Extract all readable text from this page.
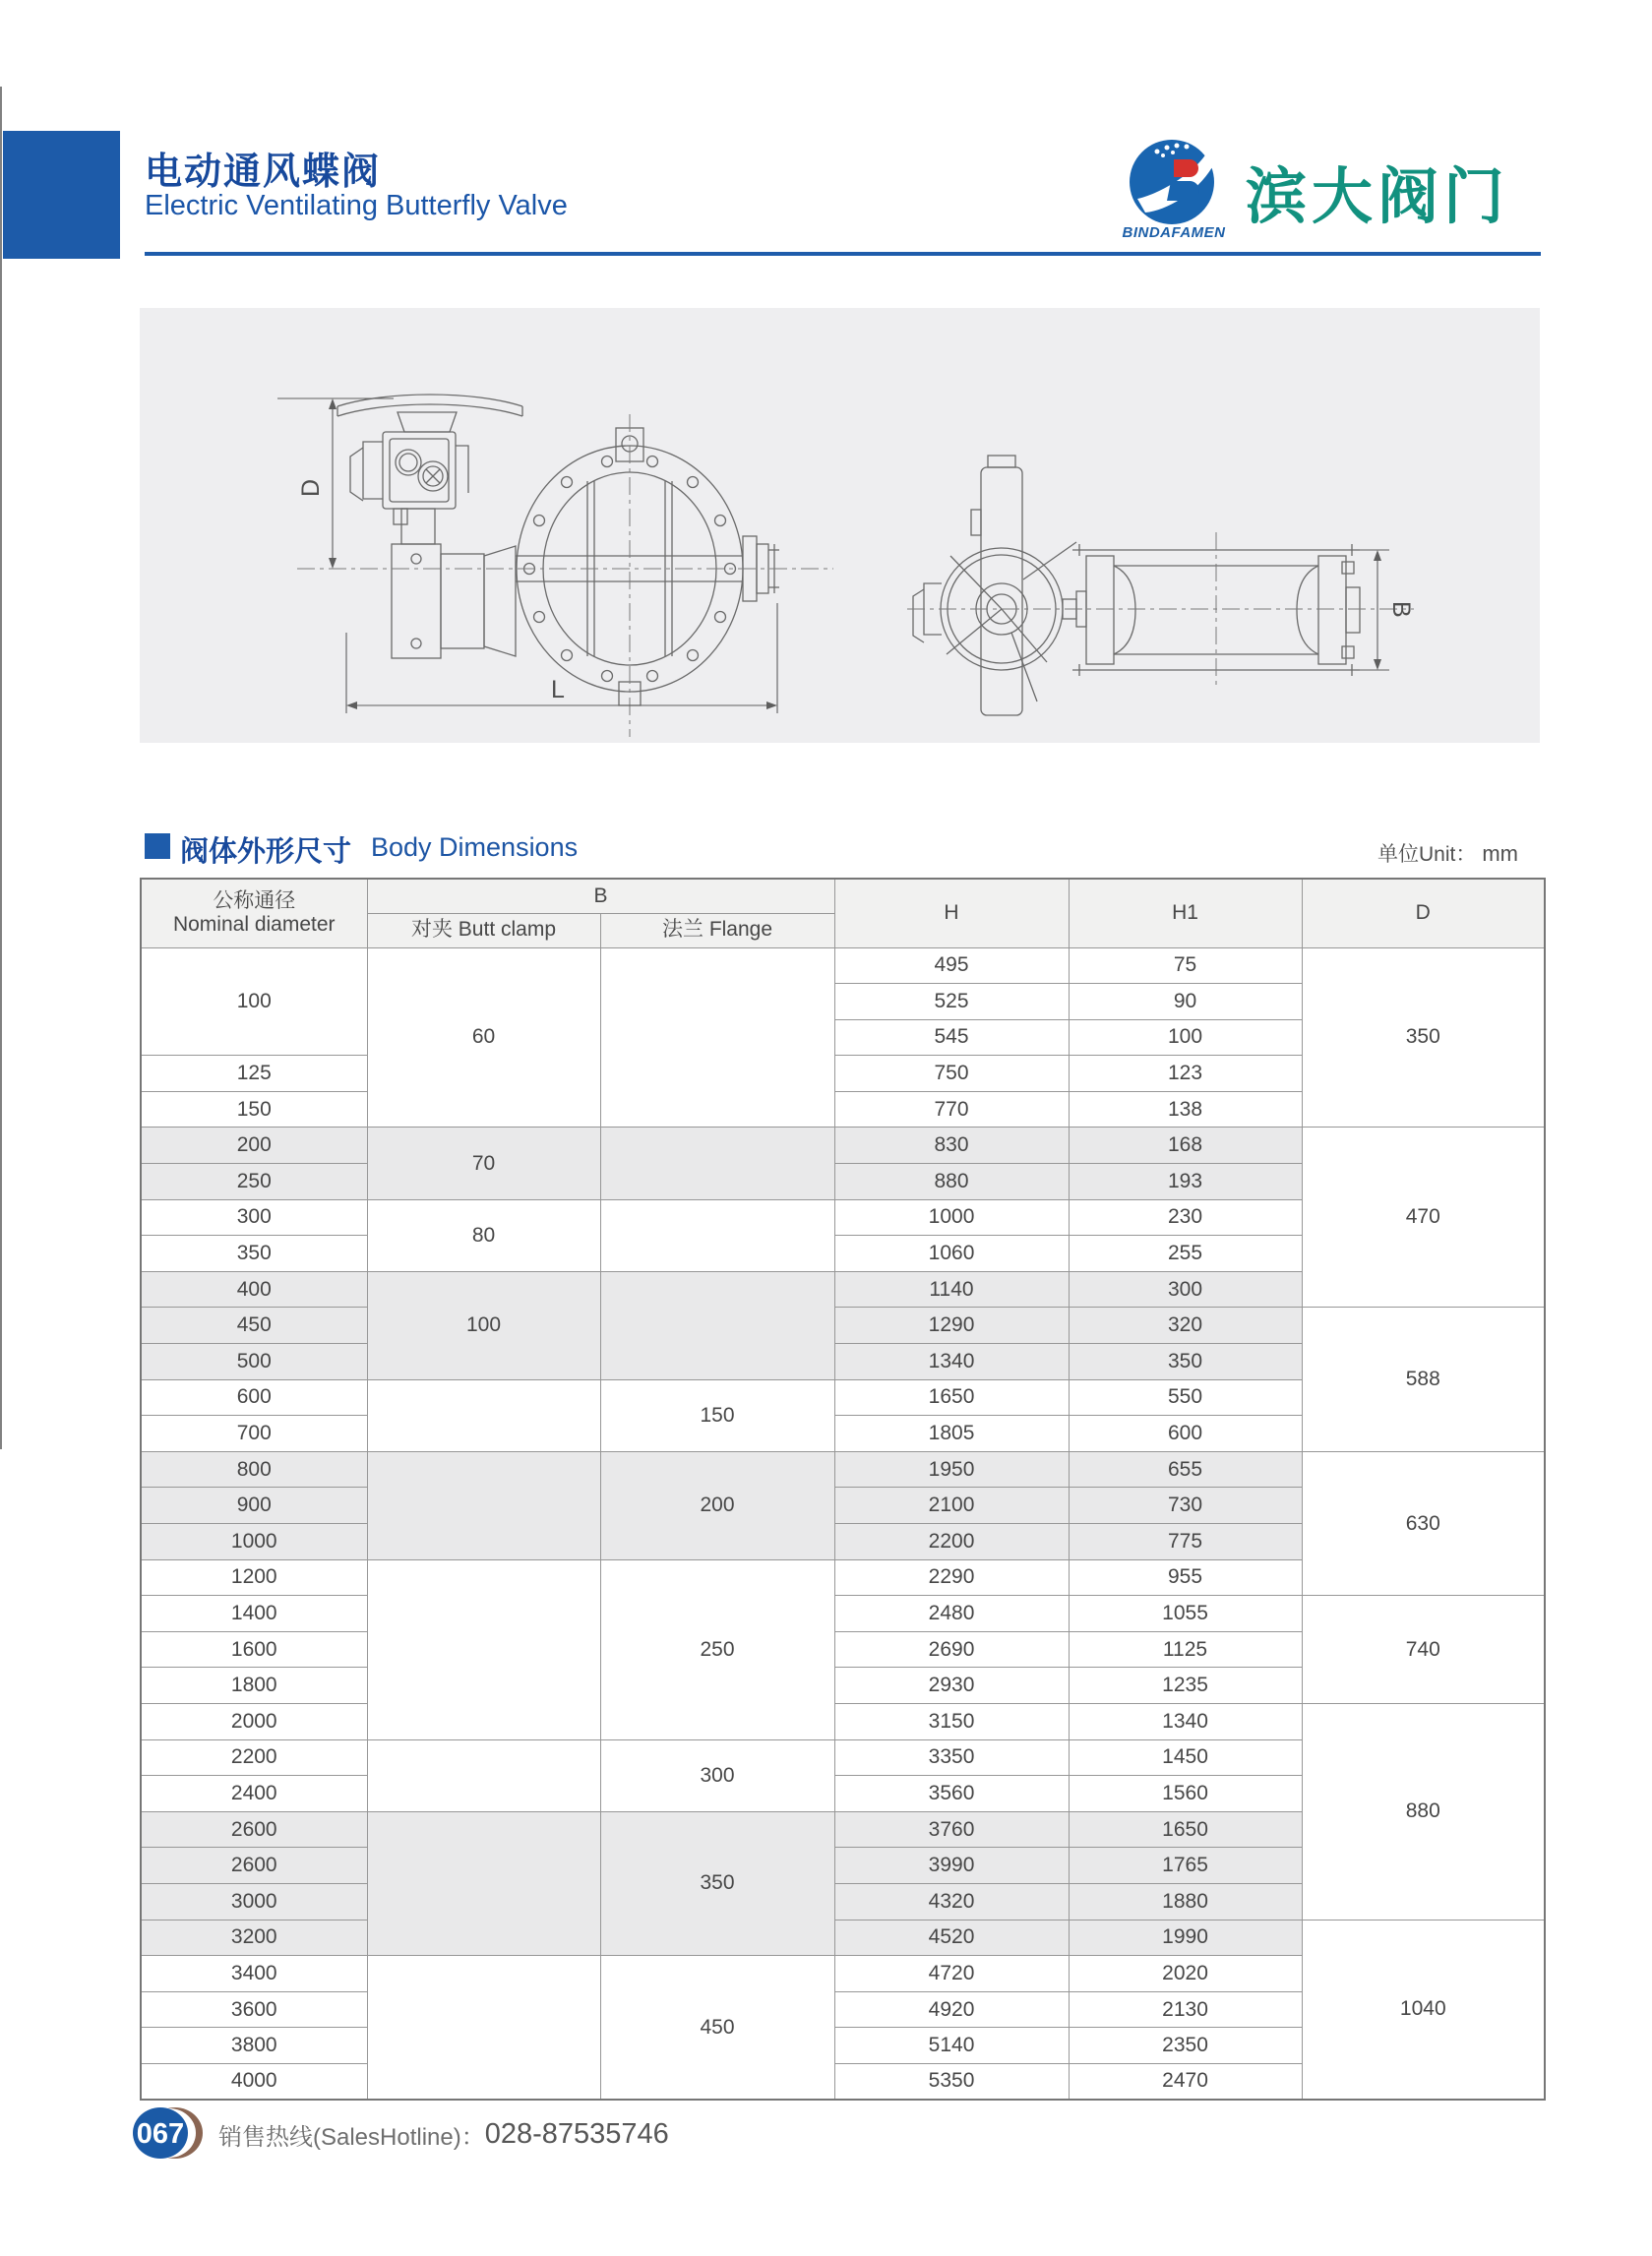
电动通风蝶阀
Electric Ventilating Butterfly Valve
BINDAFAMEN
滨大阀门
D
L
B
阀体外形尺寸 Body Dimensions	单位Unit： mm
公称通径
Nominal diameter	B		H	H1	D
	对夹 Butt clamp	法兰 Flange			
100	60		495	75	350
			525	90	
			545	100	
125			750	123	
150			770	138	
200	70		830	168	470
250			880	193	
300	80		1000	230	
350			1060	255	
400	100		1140	300	
450			1290	320	588
500			1340	350	
600		150	1650	550	
700			1805	600	
800		200	1950	655	630
900			2100	730	
1000			2200	775	
1200		250	2290	955	
1400			2480	1055	740
1600			2690	1125	
1800			2930	1235	
2000			3150	1340	880
2200		300	3350	1450	
2400			3560	1560	
2600		350	3760	1650	
2600			3990	1765	
3000			4320	1880	
3200			4520	1990	1040
3400		450	4720	2020	
3600			4920	2130	
3800			5140	2350	
4000			5350	2470	
067 销售热线(SalesHotline)： 028-87535746
